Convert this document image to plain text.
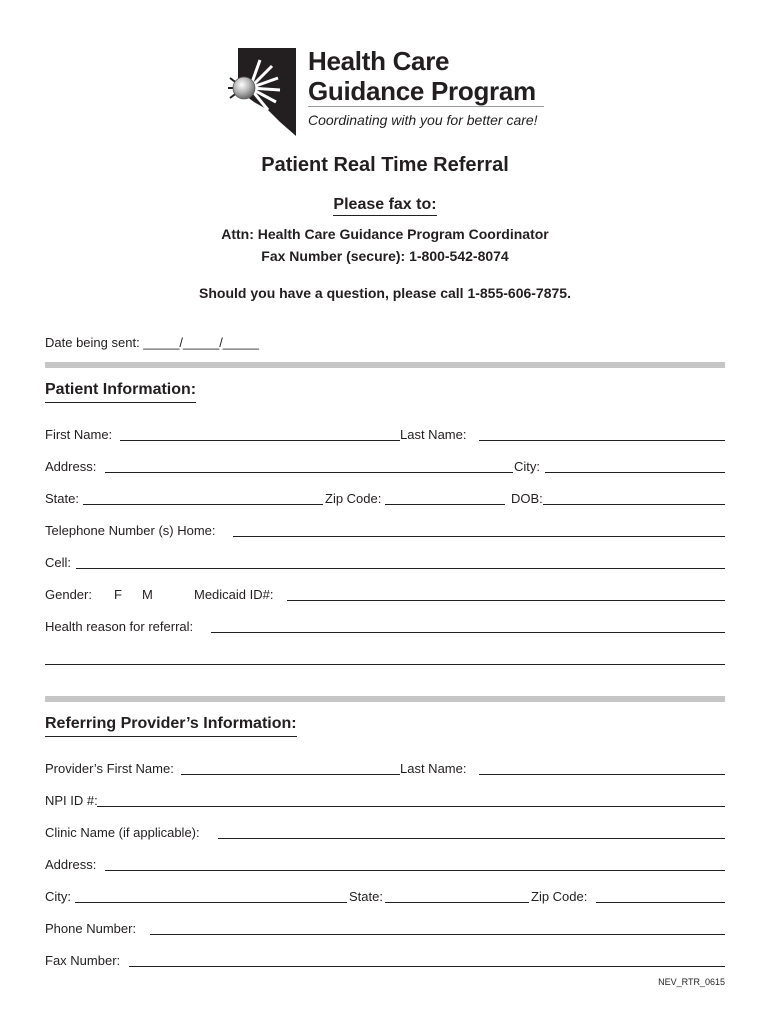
Health Care
Guidance Program
Coordinating with you for better care!
Patient Real Time Referral
Please fax to:
Attn: Health Care Guidance Program Coordinator
Fax Number (secure): 1-800-542-8074
Should you have a question, please call 1-855-606-7875.
Date being sent: _____/_____/_____
Patient Information:
First Name:	Last Name:
Address:	City:
State:	Zip Code:	DOB:
Telephone Number (s) Home:
Cell:
Gender: F M	Medicaid ID#:
Health reason for referral:
Referring Provider’s Information:
Provider’s First Name:	Last Name:
NPI ID #:
Clinic Name (if applicable):
Address:
City:	State:	Zip Code:
Phone Number:
Fax Number:
NEV_RTR_0615
